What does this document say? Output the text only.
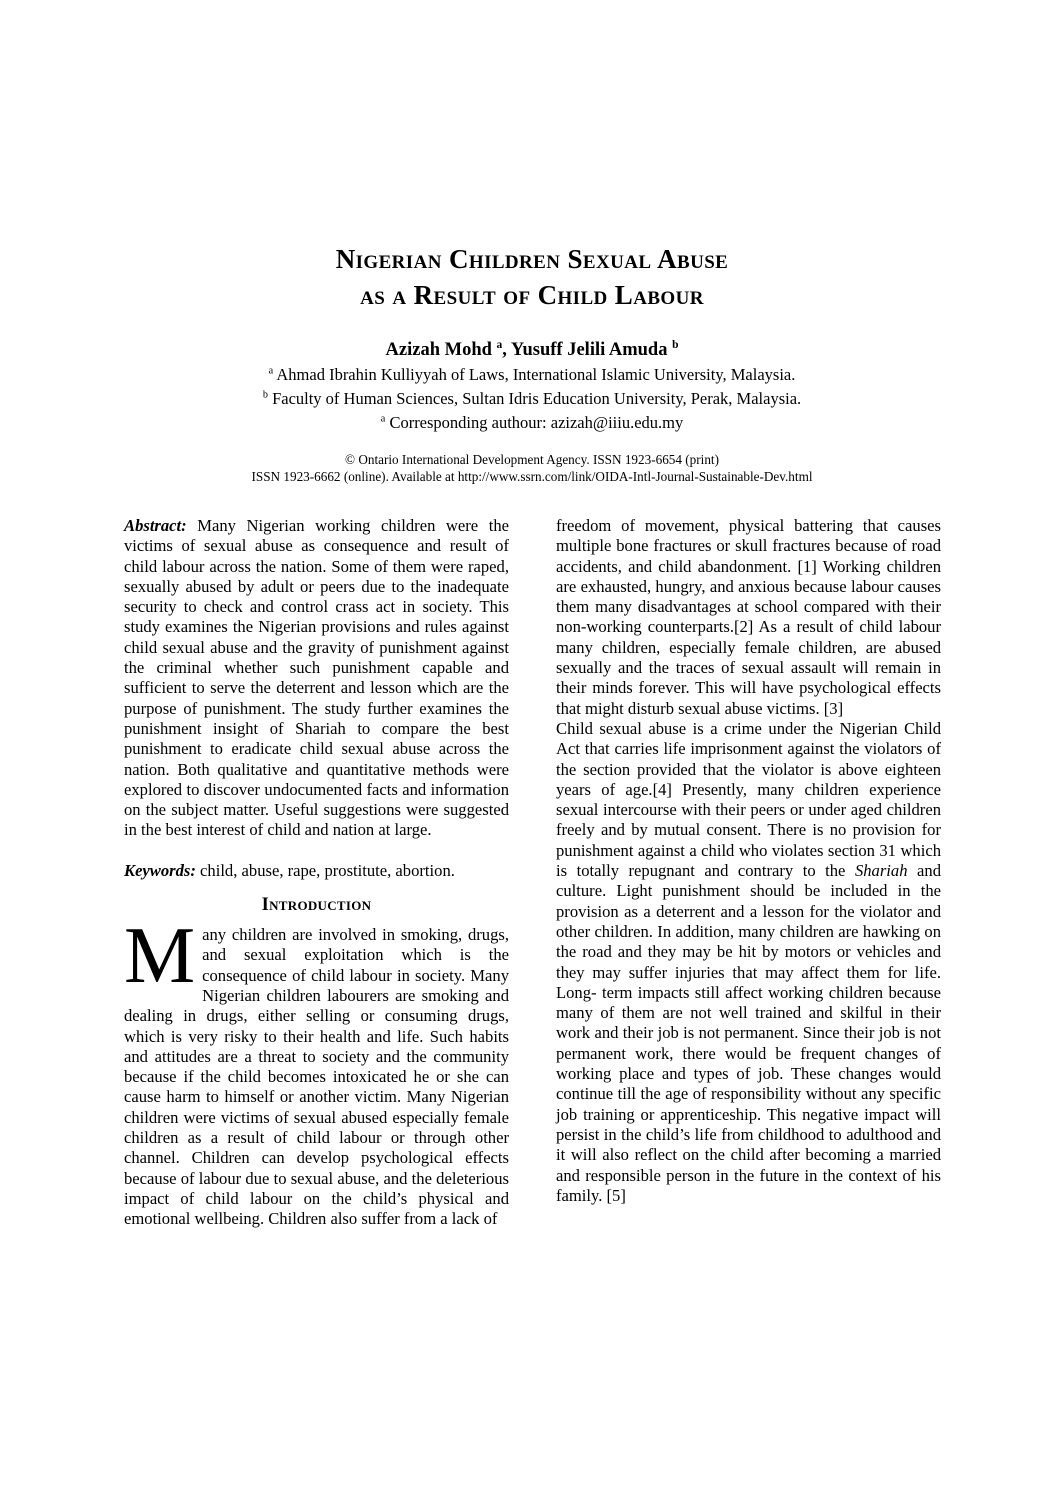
Nigerian Children Sexual Abuse
as a Result of Child Labour

Azizah Mohd $^a$, Yusuff Jelili Amuda $^b$

$^a$ Ahmad Ibrahin Kulliyyah of Laws, International Islamic University, Malaysia.

$^b$ Faculty of Human Sciences, Sultan Idris Education University, Perak, Malaysia.

$^a$ Corresponding authour: azizah@iiiu.edu.my

© Ontario International Development Agency. ISSN 1923-6654 (print)

ISSN 1923-6662 (online). Available at http://www.ssrn.com/link/OIDA-Intl-Journal-Sustainable-Dev.html

Abstract: Many Nigerian working children were the victims of sexual abuse as consequence and result of child labour across the nation. Some of them were raped, sexually abused by adult or peers due to the inadequate security to check and control crass act in society. This study examines the Nigerian provisions and rules against child sexual abuse and the gravity of punishment against the criminal whether such punishment capable and sufficient to serve the deterrent and lesson which are the purpose of punishment. The study further examines the punishment insight of Shariah to compare the best punishment to eradicate child sexual abuse across the nation. Both qualitative and quantitative methods were explored to discover undocumented facts and information on the subject matter. Useful suggestions were suggested in the best interest of child and nation at large.

Keywords: child, abuse, rape, prostitute, abortion.

Introduction

Many children are involved in smoking, drugs, and sexual exploitation which is the consequence of child labour in society. Many Nigerian children labourers are smoking and dealing in drugs, either selling or consuming drugs, which is very risky to their health and life. Such habits and attitudes are a threat to society and the community because if the child becomes intoxicated he or she can cause harm to himself or another victim. Many Nigerian children were victims of sexual abused especially female children as a result of child labour or through other channel. Children can develop psychological effects because of labour due to sexual abuse, and the deleterious impact of child labour on the child’s physical and emotional wellbeing. Children also suffer from a lack of

freedom of movement, physical battering that causes multiple bone fractures or skull fractures because of road accidents, and child abandonment. [1] Working children are exhausted, hungry, and anxious because labour causes them many disadvantages at school compared with their non-working counterparts.[2] As a result of child labour many children, especially female children, are abused sexually and the traces of sexual assault will remain in their minds forever. This will have psychological effects that might disturb sexual abuse victims. [3]

Child sexual abuse is a crime under the Nigerian Child Act that carries life imprisonment against the violators of the section provided that the violator is above eighteen years of age.[4] Presently, many children experience sexual intercourse with their peers or under aged children freely and by mutual consent. There is no provision for punishment against a child who violates section 31 which is totally repugnant and contrary to the Shariah and culture. Light punishment should be included in the provision as a deterrent and a lesson for the violator and other children. In addition, many children are hawking on the road and they may be hit by motors or vehicles and they may suffer injuries that may affect them for life. Long- term impacts still affect working children because many of them are not well trained and skilful in their work and their job is not permanent. Since their job is not permanent work, there would be frequent changes of working place and types of job. These changes would continue till the age of responsibility without any specific job training or apprenticeship. This negative impact will persist in the child’s life from childhood to adulthood and it will also reflect on the child after becoming a married and responsible person in the future in the context of his family. [5]
